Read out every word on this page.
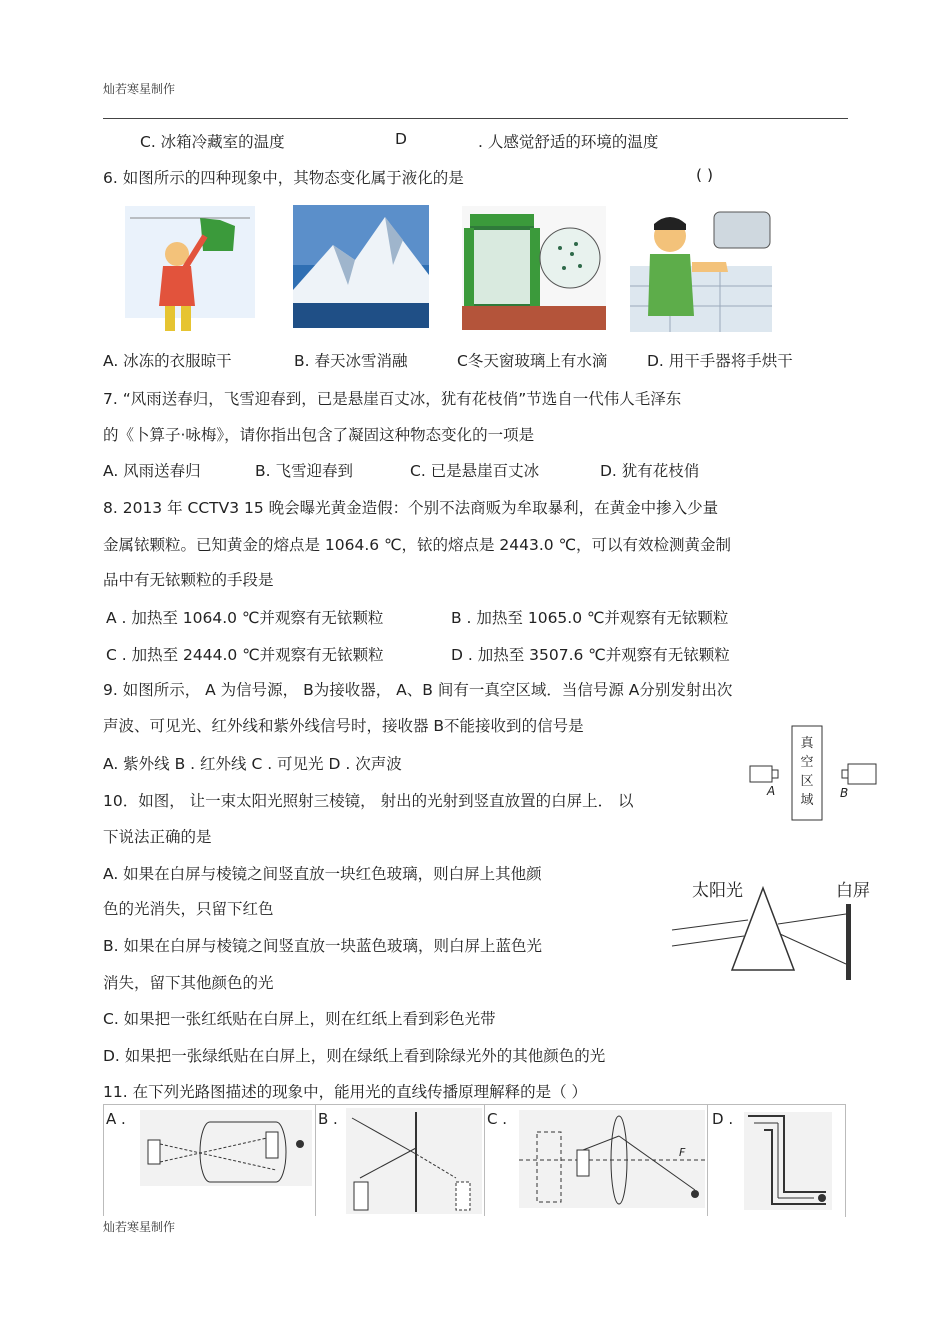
灿若寒星制作
C. 冰箱冷藏室的温度	D	. 人感觉舒适的环境的温度
6. 如图所示的四种现象中，其物态变化属于液化的是	( )
A. 冰冻的衣服晾干	B. 春天冰雪消融	C冬天窗玻璃上有水滴	D. 用干手器将手烘干
7. “风雨送春归，飞雪迎春到，已是悬崖百丈冰，犹有花枝俏”节选自一代伟人毛泽东
的《卜算子·咏梅》，请你指出包含了凝固这种物态变化的一项是
A. 风雨送春归	B. 飞雪迎春到	C. 已是悬崖百丈冰	D. 犹有花枝俏
8. 2013 年 CCTV3 15 晚会曝光黄金造假：个别不法商贩为牟取暴利，在黄金中掺入少量
金属铱颗粒。已知黄金的熔点是 1064.6 ℃，铱的熔点是 2443.0 ℃，可以有效检测黄金制
品中有无铱颗粒的手段是
A . 加热至 1064.0 ℃并观察有无铱颗粒	B . 加热至 1065.0 ℃并观察有无铱颗粒
C . 加热至 2444.0 ℃并观察有无铱颗粒	D . 加热至 3507.6 ℃并观察有无铱颗粒
9. 如图所示， A 为信号源， B为接收器， A、B 间有一真空区域．当信号源 A分别发射出次
声波、可见光、红外线和紫外线信号时，接收器 B不能接收到的信号是
A. 紫外线 B . 红外线 C . 可见光 D . 次声波
真空区域
A	B
10．如图， 让一束太阳光照射三棱镜， 射出的光射到竖直放置的白屏上． 以
下说法正确的是
A. 如果在白屏与棱镜之间竖直放一块红色玻璃，则白屏上其他颜
色的光消失，只留下红色
B. 如果在白屏与棱镜之间竖直放一块蓝色玻璃，则白屏上蓝色光
消失，留下其他颜色的光
C. 如果把一张红纸贴在白屏上，则在红纸上看到彩色光带
D. 如果把一张绿纸贴在白屏上，则在绿纸上看到除绿光外的其他颜色的光
太阳光	白屏
11. 在下列光路图描述的现象中，能用光的直线传播原理解释的是（ ）
A .	B .	C .
F
D .
灿若寒星制作
